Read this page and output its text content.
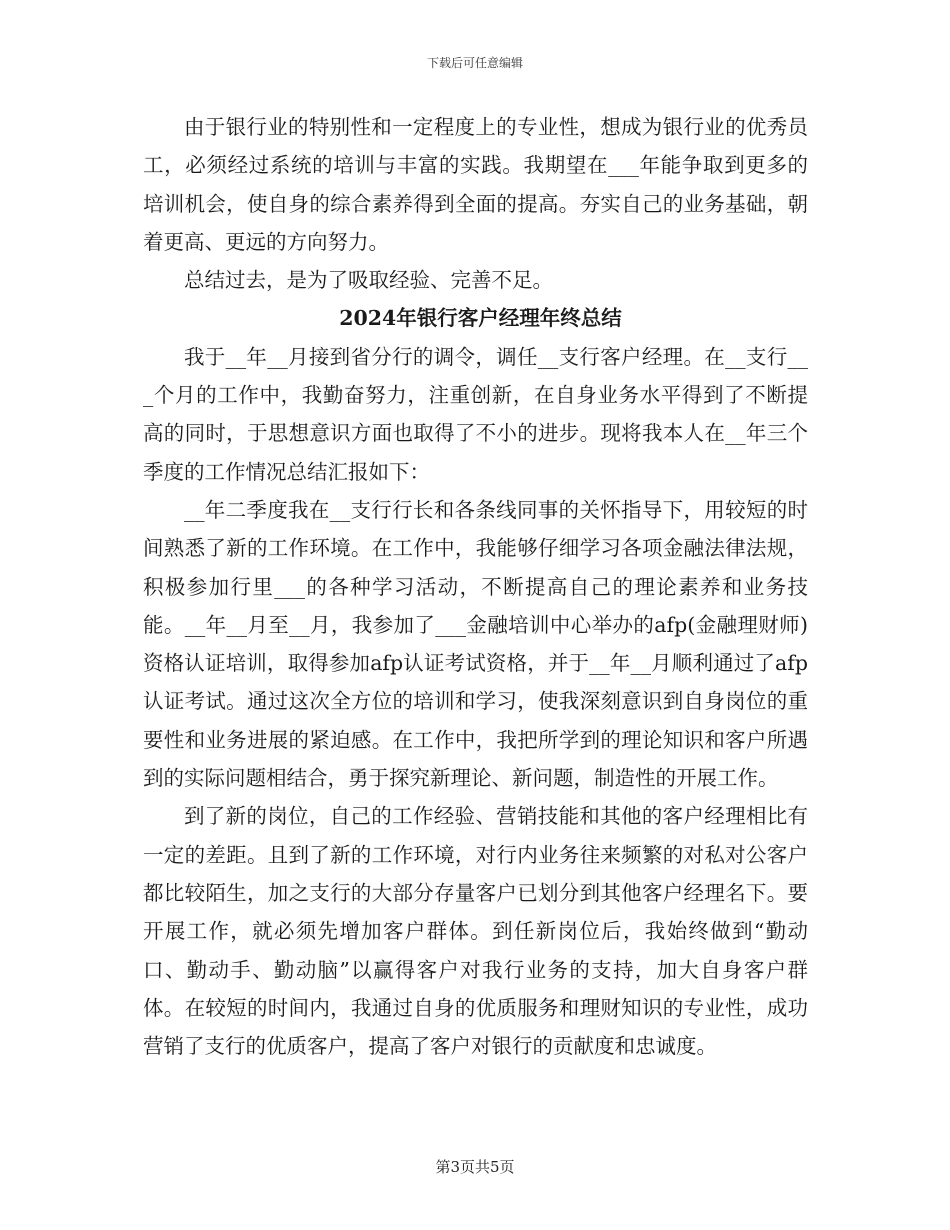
下载后可任意编辑

由于银行业的特别性和一定程度上的专业性，想成为银行业的优秀员工，必须经过系统的培训与丰富的实践。我期望在___年能争取到更多的培训机会，使自身的综合素养得到全面的提高。夯实自己的业务基础，朝着更高、更远的方向努力。

总结过去，是为了吸取经验、完善不足。

2024年银行客户经理年终总结

我于__年__月接到省分行的调令，调任__支行客户经理。在__支行___个月的工作中，我勤奋努力，注重创新，在自身业务水平得到了不断提高的同时，于思想意识方面也取得了不小的进步。现将我本人在__年三个季度的工作情况总结汇报如下：

__年二季度我在__支行行长和各条线同事的关怀指导下，用较短的时间熟悉了新的工作环境。在工作中，我能够仔细学习各项金融法律法规，积极参加行里___的各种学习活动，不断提高自己的理论素养和业务技能。__年__月至__月，我参加了___金融培训中心举办的afp(金融理财师)资格认证培训，取得参加afp认证考试资格，并于__年__月顺利通过了afp认证考试。通过这次全方位的培训和学习，使我深刻意识到自身岗位的重要性和业务进展的紧迫感。在工作中，我把所学到的理论知识和客户所遇到的实际问题相结合，勇于探究新理论、新问题，制造性的开展工作。

到了新的岗位，自己的工作经验、营销技能和其他的客户经理相比有一定的差距。且到了新的工作环境，对行内业务往来频繁的对私对公客户都比较陌生，加之支行的大部分存量客户已划分到其他客户经理名下。要开展工作，就必须先增加客户群体。到任新岗位后，我始终做到“勤动口、勤动手、勤动脑”以赢得客户对我行业务的支持，加大自身客户群体。在较短的时间内，我通过自身的优质服务和理财知识的专业性，成功营销了支行的优质客户，提高了客户对银行的贡献度和忠诚度。

第3页共5页
